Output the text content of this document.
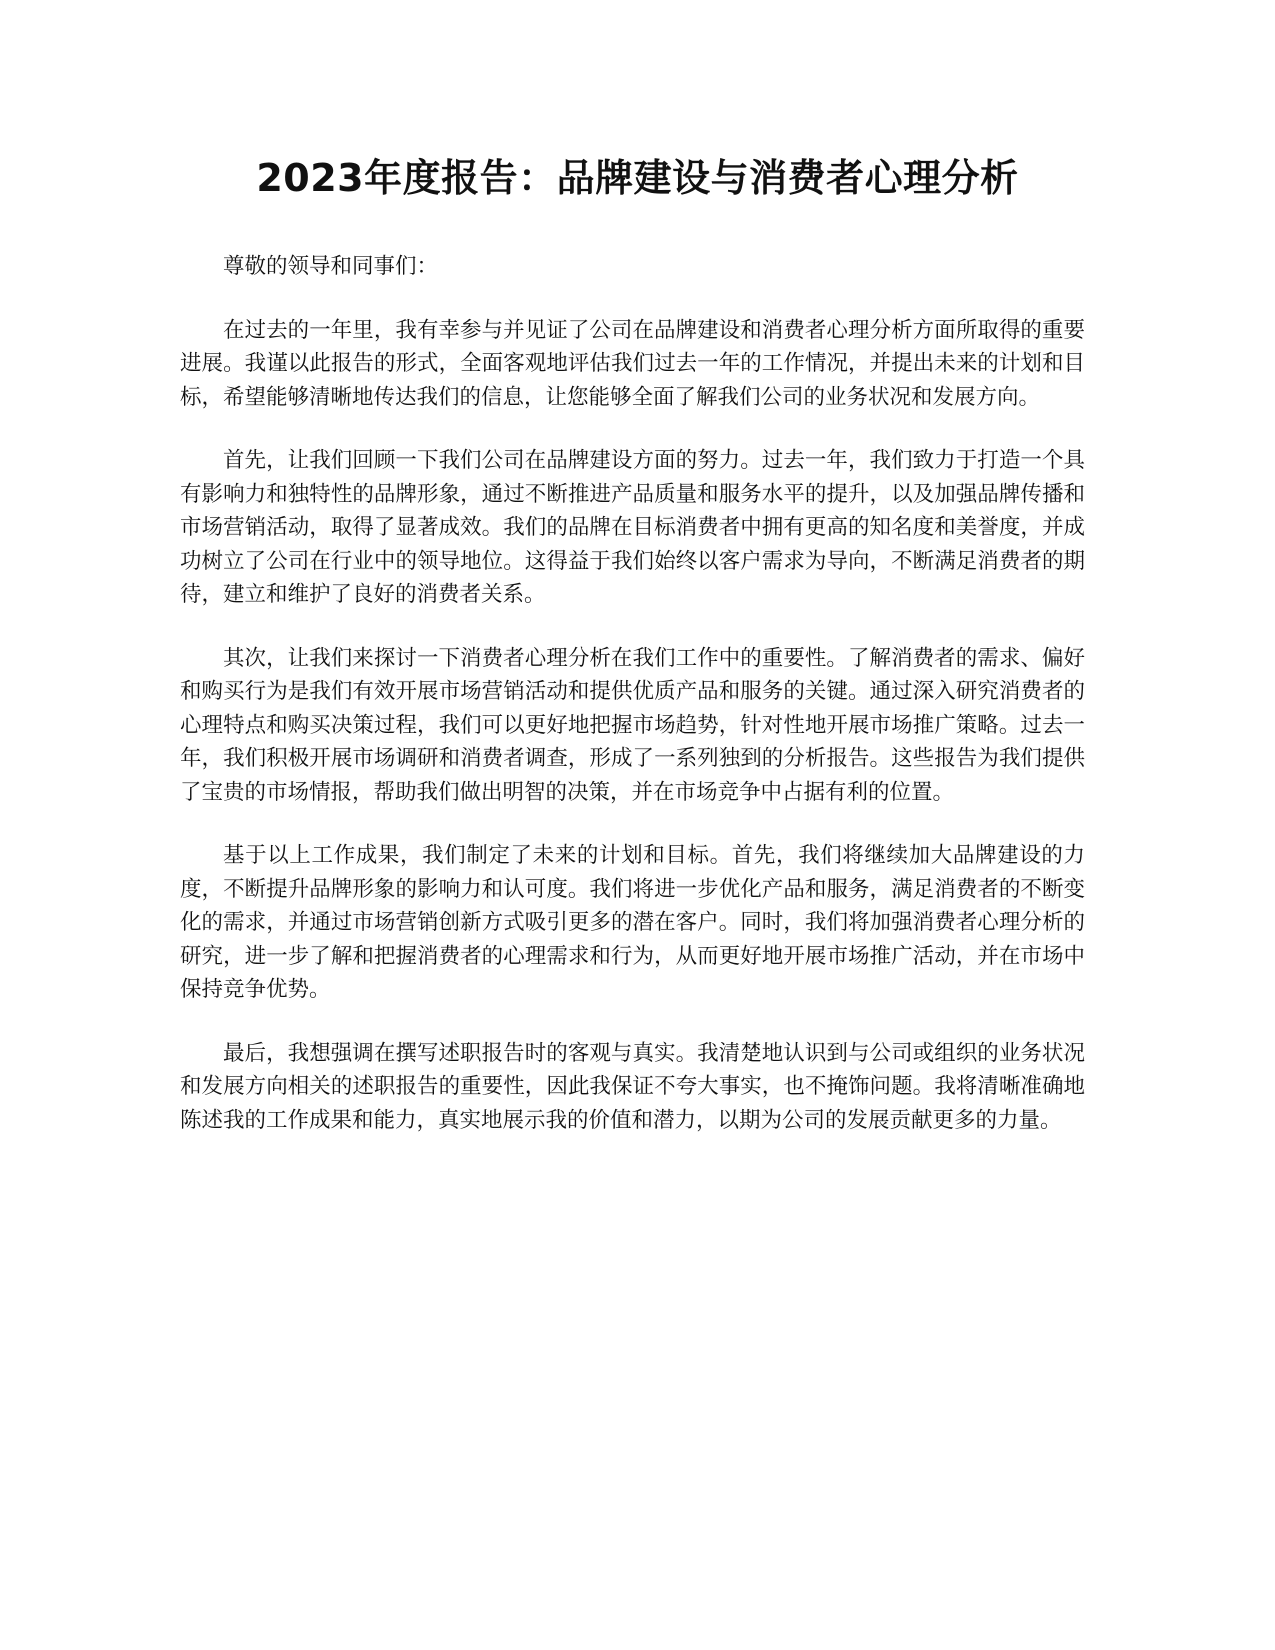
2023年度报告：品牌建设与消费者心理分析

尊敬的领导和同事们：

在过去的一年里，我有幸参与并见证了公司在品牌建设和消费者心理分析方面所取得的重要进展。我谨以此报告的形式，全面客观地评估我们过去一年的工作情况，并提出未来的计划和目标，希望能够清晰地传达我们的信息，让您能够全面了解我们公司的业务状况和发展方向。

首先，让我们回顾一下我们公司在品牌建设方面的努力。过去一年，我们致力于打造一个具有影响力和独特性的品牌形象，通过不断推进产品质量和服务水平的提升，以及加强品牌传播和市场营销活动，取得了显著成效。我们的品牌在目标消费者中拥有更高的知名度和美誉度，并成功树立了公司在行业中的领导地位。这得益于我们始终以客户需求为导向，不断满足消费者的期待，建立和维护了良好的消费者关系。

其次，让我们来探讨一下消费者心理分析在我们工作中的重要性。了解消费者的需求、偏好和购买行为是我们有效开展市场营销活动和提供优质产品和服务的关键。通过深入研究消费者的心理特点和购买决策过程，我们可以更好地把握市场趋势，针对性地开展市场推广策略。过去一年，我们积极开展市场调研和消费者调查，形成了一系列独到的分析报告。这些报告为我们提供了宝贵的市场情报，帮助我们做出明智的决策，并在市场竞争中占据有利的位置。

基于以上工作成果，我们制定了未来的计划和目标。首先，我们将继续加大品牌建设的力度，不断提升品牌形象的影响力和认可度。我们将进一步优化产品和服务，满足消费者的不断变化的需求，并通过市场营销创新方式吸引更多的潜在客户。同时，我们将加强消费者心理分析的研究，进一步了解和把握消费者的心理需求和行为，从而更好地开展市场推广活动，并在市场中保持竞争优势。

最后，我想强调在撰写述职报告时的客观与真实。我清楚地认识到与公司或组织的业务状况和发展方向相关的述职报告的重要性，因此我保证不夸大事实，也不掩饰问题。我将清晰准确地陈述我的工作成果和能力，真实地展示我的价值和潜力，以期为公司的发展贡献更多的力量。
